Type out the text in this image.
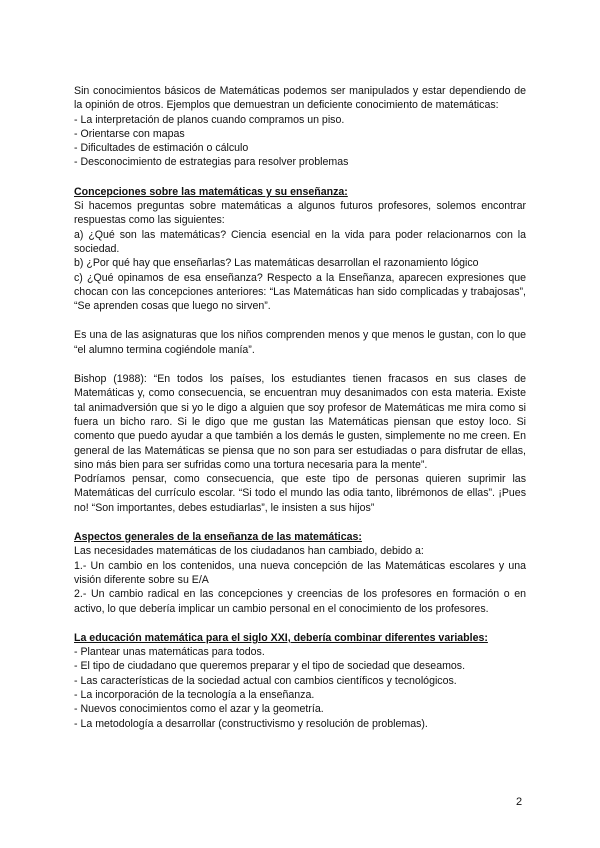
Sin conocimientos básicos de Matemáticas podemos ser manipulados y estar dependiendo de la opinión de otros. Ejemplos que demuestran un deficiente conocimiento de matemáticas:

- La interpretación de planos cuando compramos un piso.

- Orientarse con mapas

- Dificultades de estimación o cálculo

- Desconocimiento de estrategias para resolver problemas

Concepciones sobre las matemáticas y su enseñanza:

Si hacemos preguntas sobre matemáticas a algunos futuros profesores, solemos encontrar respuestas como las siguientes:

a) ¿Qué son las matemáticas? Ciencia esencial en la vida para poder relacionarnos con la sociedad.

b) ¿Por qué hay que enseñarlas? Las matemáticas desarrollan el razonamiento lógico

c) ¿Qué opinamos de esa enseñanza? Respecto a la Enseñanza, aparecen expresiones que chocan con las concepciones anteriores: “Las Matemáticas han sido complicadas y trabajosas”, “Se aprenden cosas que luego no sirven”.

Es una de las asignaturas que los niños comprenden menos y que menos le gustan, con lo que “el alumno termina cogiéndole manía”.

Bishop (1988): “En todos los países, los estudiantes tienen fracasos en sus clases de Matemáticas y, como consecuencia, se encuentran muy desanimados con esta materia. Existe tal animadversión que si yo le digo a alguien que soy profesor de Matemáticas me mira como si fuera un bicho raro. Si le digo que me gustan las Matemáticas piensan que estoy loco. Si comento que puedo ayudar a que también a los demás le gusten, simplemente no me creen. En general de las Matemáticas se piensa que no son para ser estudiadas o para disfrutar de ellas, sino más bien para ser sufridas como una tortura necesaria para la mente”.

Podríamos pensar, como consecuencia, que este tipo de personas quieren suprimir las Matemáticas del currículo escolar. “Si todo el mundo las odia tanto, librémonos de ellas”. ¡Pues no! “Son importantes, debes estudiarlas”, le insisten a sus hijos”

Aspectos generales de la enseñanza de las matemáticas:

Las necesidades matemáticas de los ciudadanos han cambiado, debido a:

1.- Un cambio en los contenidos, una nueva concepción de las Matemáticas escolares y una visión diferente sobre su E/A

2.- Un cambio radical en las concepciones y creencias de los profesores en formación o en activo, lo que debería implicar un cambio personal en el conocimiento de los profesores.

La educación matemática para el siglo XXI, debería combinar diferentes variables:

- Plantear unas matemáticas para todos.

- El tipo de ciudadano que queremos preparar y el tipo de sociedad que deseamos.

- Las características de la sociedad actual con cambios científicos y tecnológicos.

- La incorporación de la tecnología a la enseñanza.

- Nuevos conocimientos como el azar y la geometría.

- La metodología a desarrollar (constructivismo y resolución de problemas).

2
